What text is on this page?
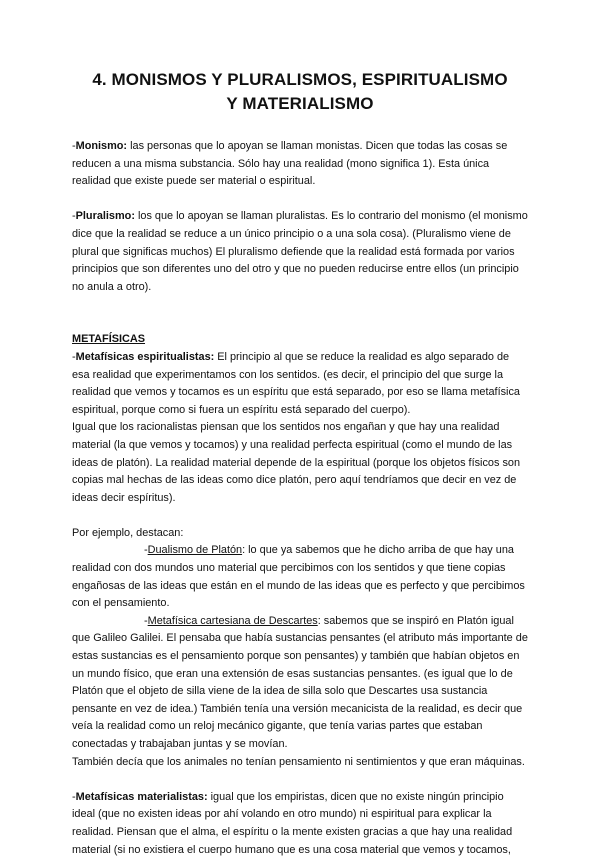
4. MONISMOS Y PLURALISMOS, ESPIRITUALISMO
Y MATERIALISMO

-Monismo: las personas que lo apoyan se llaman monistas. Dicen que todas las cosas se reducen a una misma substancia. Sólo hay una realidad (mono significa 1). Esta única realidad que existe puede ser material o espiritual.

-Pluralismo: los que lo apoyan se llaman pluralistas. Es lo contrario del monismo (el monismo dice que la realidad se reduce a un único principio o a una sola cosa). (Pluralismo viene de plural que significas muchos) El pluralismo defiende que la realidad está formada por varios principios que son diferentes uno del otro y que no pueden reducirse entre ellos (un principio no anula a otro).

METAFÍSICAS

-Metafísicas espiritualistas: El principio al que se reduce la realidad es algo separado de esa realidad que experimentamos con los sentidos. (es decir, el principio del que surge la realidad que vemos y tocamos es un espíritu que está separado, por eso se llama metafísica espiritual, porque como si fuera un espíritu está separado del cuerpo).

Igual que los racionalistas piensan que los sentidos nos engañan y que hay una realidad material (la que vemos y tocamos) y una realidad perfecta espiritual (como el mundo de las ideas de platón). La realidad material depende de la espiritual (porque los objetos físicos son copias mal hechas de las ideas como dice platón, pero aquí tendríamos que decir en vez de ideas decir espíritus).

Por ejemplo, destacan:

-Dualismo de Platón: lo que ya sabemos que he dicho arriba de que hay una realidad con dos mundos uno material que percibimos con los sentidos y que tiene copias engañosas de las ideas que están en el mundo de las ideas que es perfecto y que percibimos con el pensamiento.

-Metafísica cartesiana de Descartes: sabemos que se inspiró en Platón igual que Galileo Galilei. El pensaba que había sustancias pensantes (el atributo más importante de estas sustancias es el pensamiento porque son pensantes) y también que habían objetos en un mundo físico, que eran una extensión de esas sustancias pensantes. (es igual que lo de Platón que el objeto de silla viene de la idea de silla solo que Descartes usa sustancia pensante en vez de idea.) También tenía una versión mecanicista de la realidad, es decir que veía la realidad como un reloj mecánico gigante, que tenía varias partes que estaban conectadas y trabajaban juntas y se movían.

También decía que los animales no tenían pensamiento ni sentimientos y que eran máquinas.

-Metafísicas materialistas: igual que los empiristas, dicen que no existe ningún principio ideal (que no existen ideas por ahí volando en otro mundo) ni espiritual para explicar la realidad. Piensan que el alma, el espíritu o la mente existen gracias a que hay una realidad material (si no existiera el cuerpo humano que es una cosa material que vemos y tocamos,
